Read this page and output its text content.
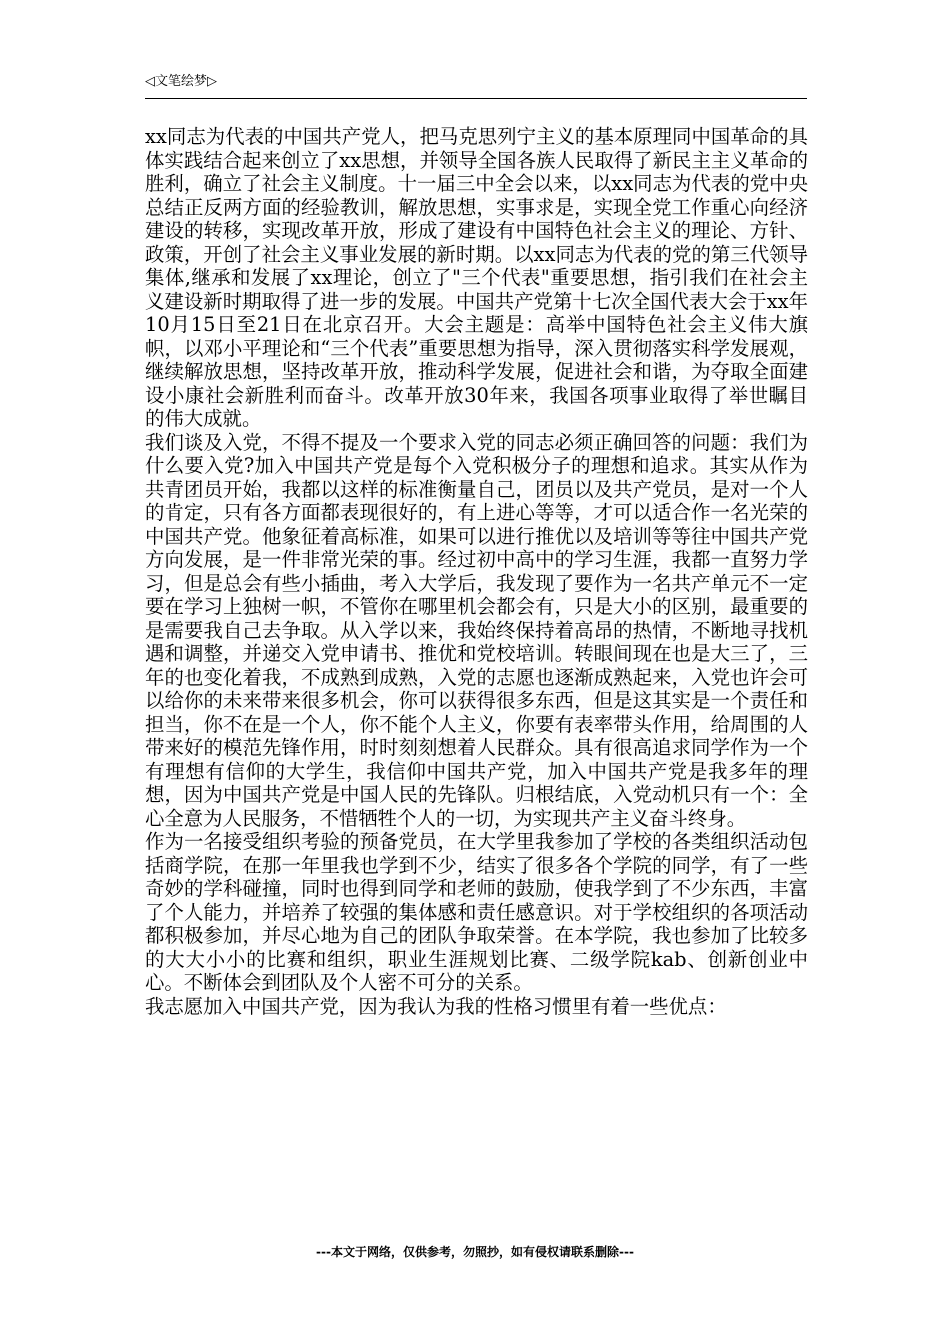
◁文笔绘梦▷

xx同志为代表的中国共产党人，把马克思列宁主义的基本原理同中国革命的具体实践结合起来创立了xx思想，并领导全国各族人民取得了新民主主义革命的胜利，确立了社会主义制度。十一届三中全会以来，以xx同志为代表的党中央总结正反两方面的经验教训，解放思想，实事求是，实现全党工作重心向经济建设的转移，实现改革开放，形成了建设有中国特色社会主义的理论、方针、政策，开创了社会主义事业发展的新时期。以xx同志为代表的党的第三代领导集体,继承和发展了xx理论，创立了"三个代表"重要思想，指引我们在社会主义建设新时期取得了进一步的发展。中国共产党第十七次全国代表大会于xx年10月15日至21日在北京召开。大会主题是：高举中国特色社会主义伟大旗帜，以邓小平理论和“三个代表”重要思想为指导，深入贯彻落实科学发展观，继续解放思想，坚持改革开放，推动科学发展，促进社会和谐，为夺取全面建设小康社会新胜利而奋斗。改革开放30年来，我国各项事业取得了举世瞩目的伟大成就。

我们谈及入党，不得不提及一个要求入党的同志必须正确回答的问题：我们为什么要入党?加入中国共产党是每个入党积极分子的理想和追求。其实从作为共青团员开始，我都以这样的标准衡量自己，团员以及共产党员，是对一个人的肯定，只有各方面都表现很好的，有上进心等等，才可以适合作一名光荣的中国共产党。他象征着高标准，如果可以进行推优以及培训等等往中国共产党方向发展，是一件非常光荣的事。经过初中高中的学习生涯，我都一直努力学习，但是总会有些小插曲，考入大学后，我发现了要作为一名共产单元不一定要在学习上独树一帜，不管你在哪里机会都会有，只是大小的区别，最重要的是需要我自己去争取。从入学以来，我始终保持着高昂的热情，不断地寻找机遇和调整，并递交入党申请书、推优和党校培训。转眼间现在也是大三了，三年的也变化着我，不成熟到成熟，入党的志愿也逐渐成熟起来，入党也许会可以给你的未来带来很多机会，你可以获得很多东西，但是这其实是一个责任和担当，你不在是一个人，你不能个人主义，你要有表率带头作用，给周围的人带来好的模范先锋作用，时时刻刻想着人民群众。具有很高追求同学作为一个有理想有信仰的大学生，我信仰中国共产党，加入中国共产党是我多年的理想，因为中国共产党是中国人民的先锋队。归根结底，入党动机只有一个：全心全意为人民服务，不惜牺牲个人的一切，为实现共产主义奋斗终身。

作为一名接受组织考验的预备党员，在大学里我参加了学校的各类组织活动包括商学院，在那一年里我也学到不少，结实了很多各个学院的同学，有了一些奇妙的学科碰撞，同时也得到同学和老师的鼓励，使我学到了不少东西，丰富了个人能力，并培养了较强的集体感和责任感意识。对于学校组织的各项活动都积极参加，并尽心地为自己的团队争取荣誉。在本学院，我也参加了比较多的大大小小的比赛和组织，职业生涯规划比赛、二级学院kab、创新创业中心。不断体会到团队及个人密不可分的关系。

我志愿加入中国共产党，因为我认为我的性格习惯里有着一些优点：

---本文于网络，仅供参考，勿照抄，如有侵权请联系删除---
